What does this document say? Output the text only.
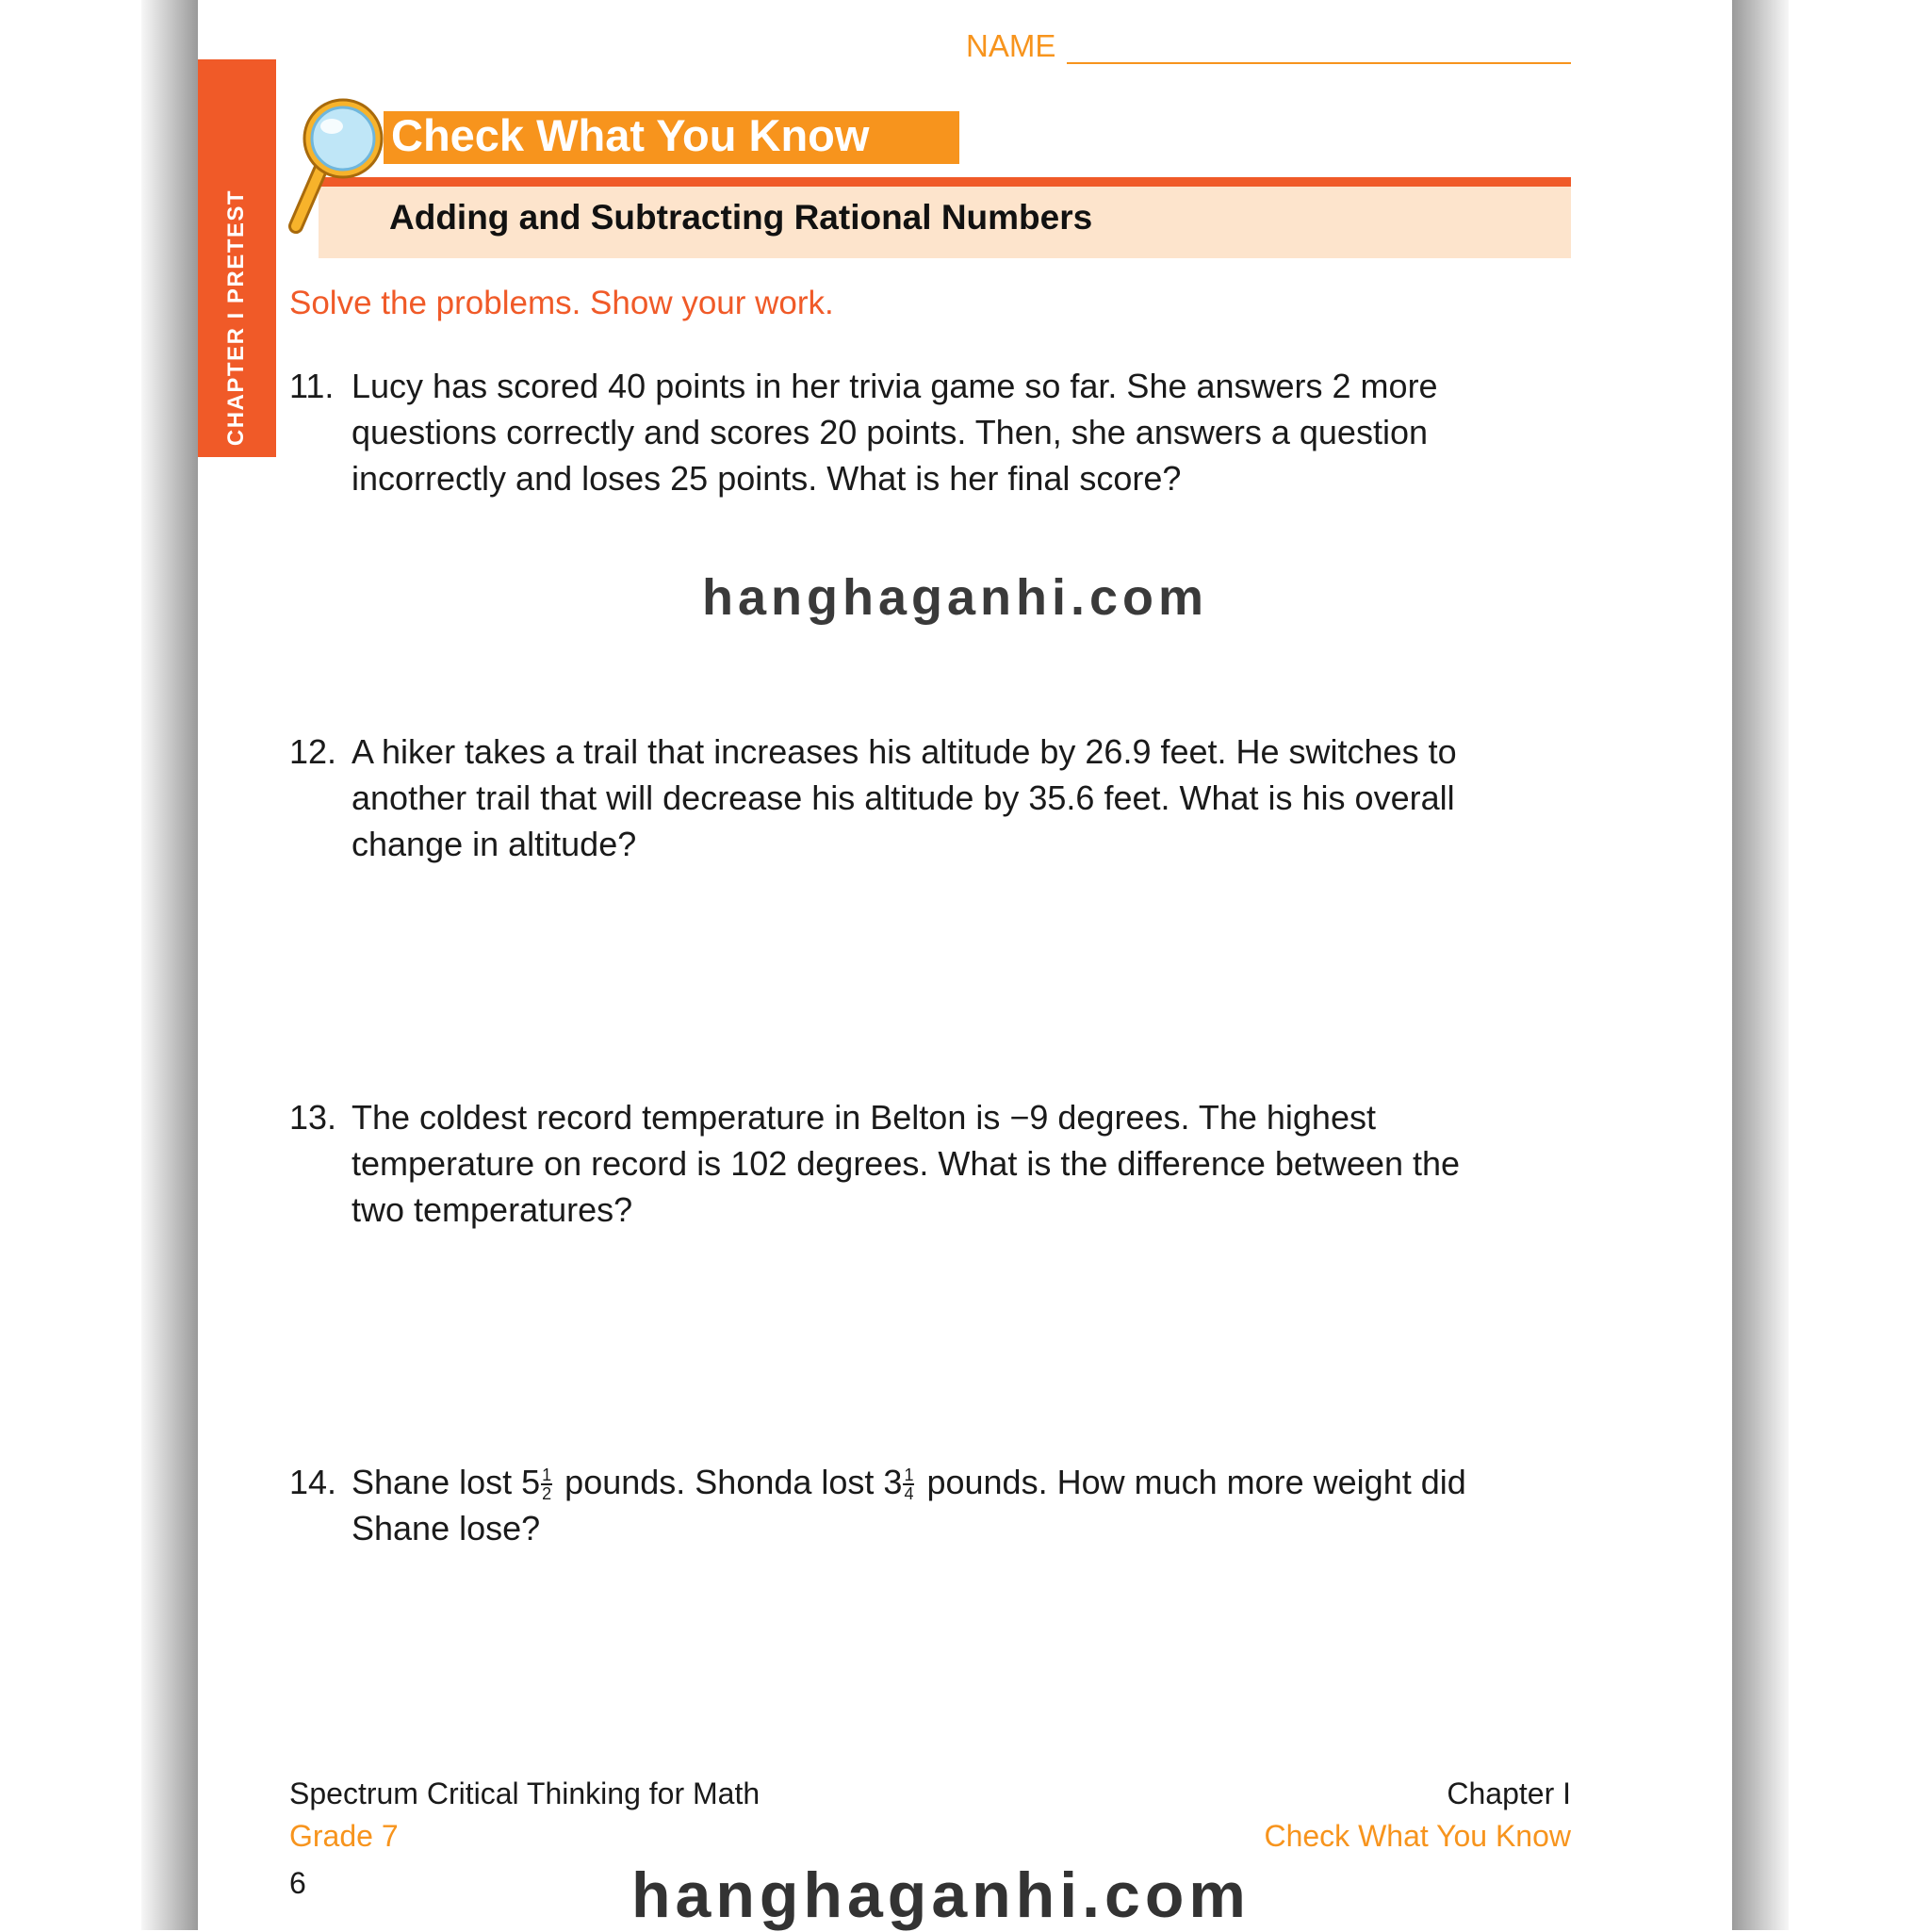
CHAPTER I PRETEST
NAME
Adding and Subtracting Rational Numbers
Check What You Know
Solve the problems. Show your work.
11. Lucy has scored 40 points in her trivia game so far. She answers 2 more questions correctly and scores 20 points. Then, she answers a question incorrectly and loses 25 points. What is her final score?
12. A hiker takes a trail that increases his altitude by 26.9 feet. He switches to another trail that will decrease his altitude by 35.6 feet. What is his overall change in altitude?
13. The coldest record temperature in Belton is −9 degrees. The highest temperature on record is 102 degrees. What is the difference between the two temperatures?
14. Shane lost $5 \frac{1}{2}$ pounds. Shonda lost $3 \frac{1}{4}$ pounds. How much more weight did Shane lose?
hanghaganhi.com
Spectrum Critical Thinking for Math
Grade 7
6
Chapter I
Check What You Know
hanghaganhi.com
